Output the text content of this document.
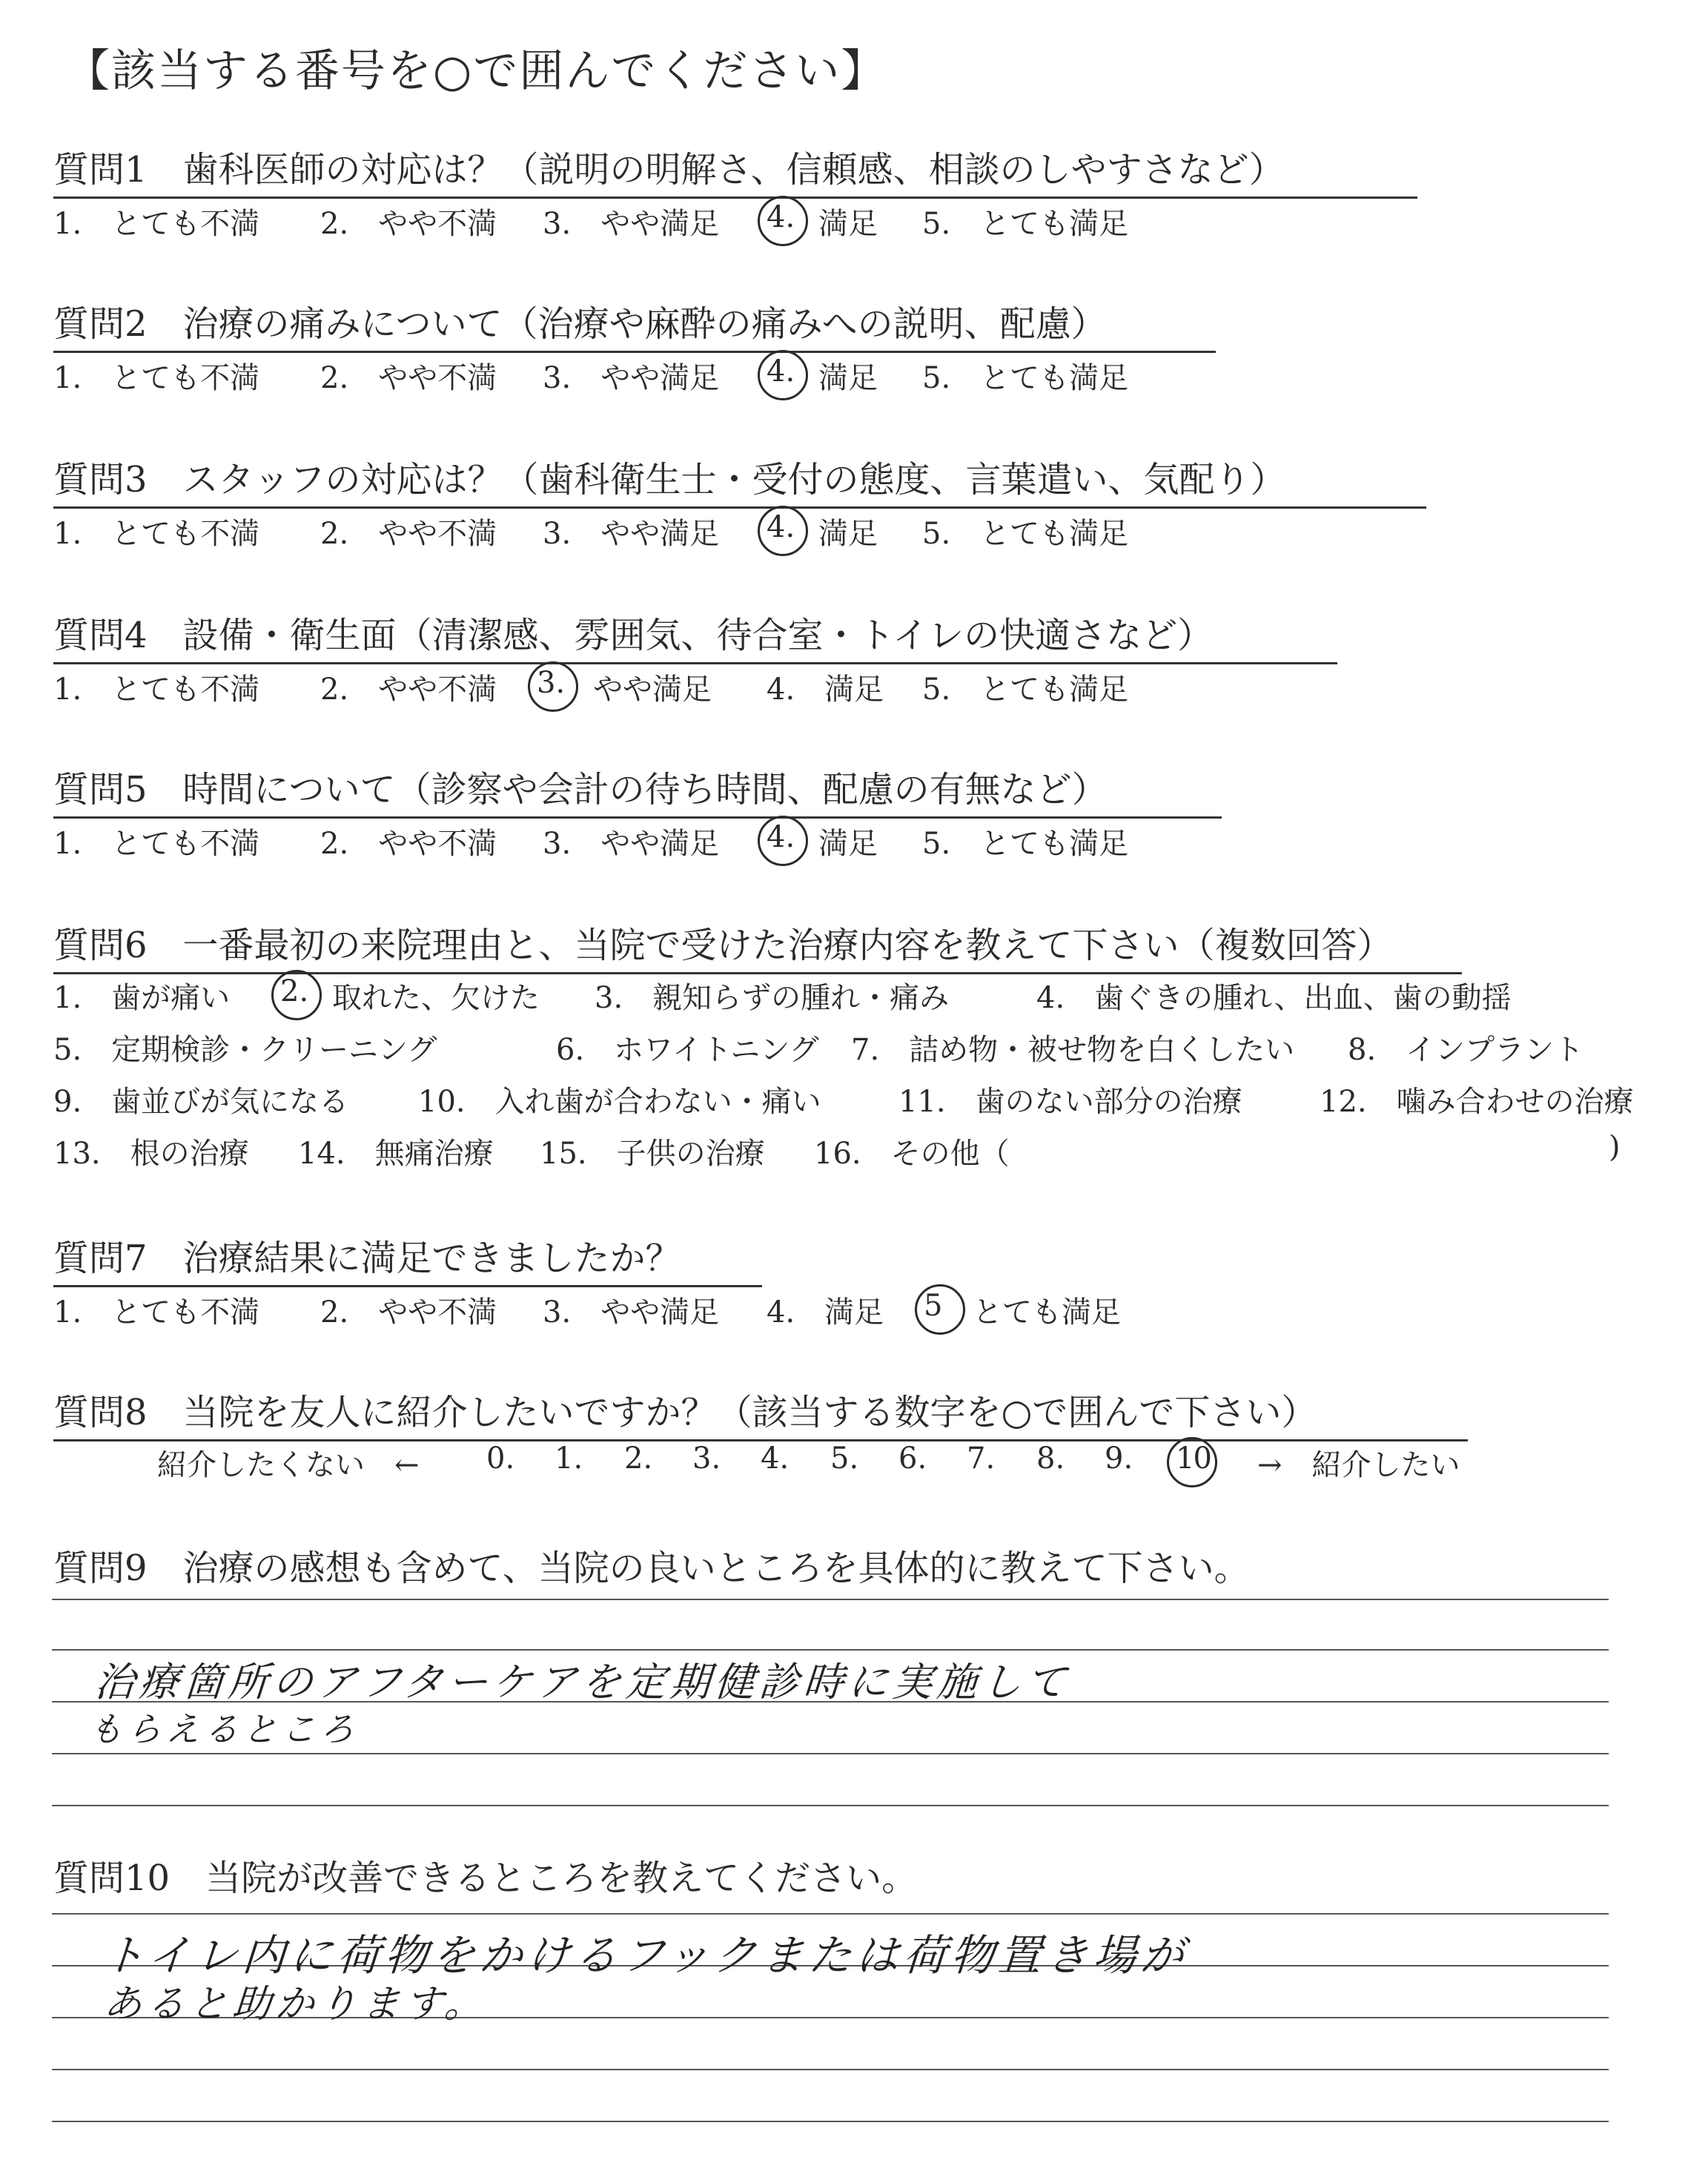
【該当する番号を○で囲んでください】
質問1　歯科医師の対応は？（説明の明解さ、信頼感、相談のしやすさなど）
1.　とても不満 2.　やや不満 3.　やや満足 4. 満足 5.　とても満足
質問2　治療の痛みについて（治療や麻酔の痛みへの説明、配慮）
1.　とても不満 2.　やや不満 3.　やや満足 4. 満足 5.　とても満足
質問3　スタッフの対応は？（歯科衛生士・受付の態度、言葉遣い、気配り）
1.　とても不満 2.　やや不満 3.　やや満足 4. 満足 5.　とても満足
質問4　設備・衛生面（清潔感、雰囲気、待合室・トイレの快適さなど）
1.　とても不満 2.　やや不満 3. やや満足 4.　満足 5.　とても満足
質問5　時間について（診察や会計の待ち時間、配慮の有無など）
1.　とても不満 2.　やや不満 3.　やや満足 4. 満足 5.　とても満足
質問6　一番最初の来院理由と、当院で受けた治療内容を教えて下さい（複数回答）
1.　歯が痛い 2. 取れた、欠けた 3.　親知らずの腫れ・痛み	4.　歯ぐきの腫れ、出血、歯の動揺
5.　定期検診・クリーニング	6.　ホワイトニング 7.　詰め物・被せ物を白くしたい 8.　インプラント
9.　歯並びが気になる 10.　入れ歯が合わない・痛い	11.　歯のない部分の治療	12.　噛み合わせの治療
13.　根の治療 14.　無痛治療 15.　子供の治療 16.　その他（	)
質問7　治療結果に満足できましたか？
1.　とても不満 2.　やや不満 3.　やや満足 4.　満足 5 とても満足
質問8　当院を友人に紹介したいですか？（該当する数字を○で囲んで下さい）
紹介したくない　← 0. 1. 2. 3. 4. 5. 6. 7. 8. 9. 10 →　紹介したい
質問9　治療の感想も含めて、当院の良いところを具体的に教えて下さい。
治療箇所のアフターケアを定期健診時に実施して
もらえるところ
質問10　当院が改善できるところを教えてください。
トイレ内に荷物をかけるフックまたは荷物置き場が
あると助かります。
